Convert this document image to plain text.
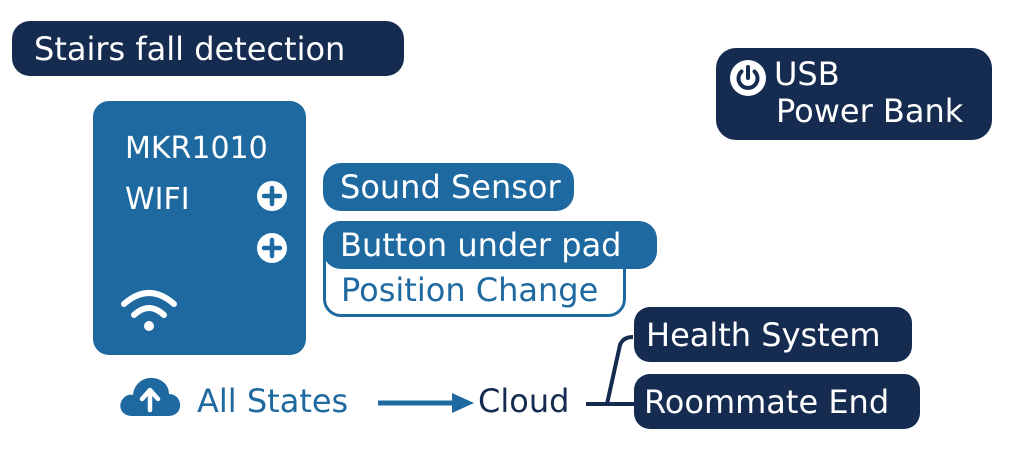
Stairs fall detection
USB
Power Bank
MKR1010
WIFI	Sound Sensor
Button under pad
Position Change
All States	Cloud
Health System
Roommate End
